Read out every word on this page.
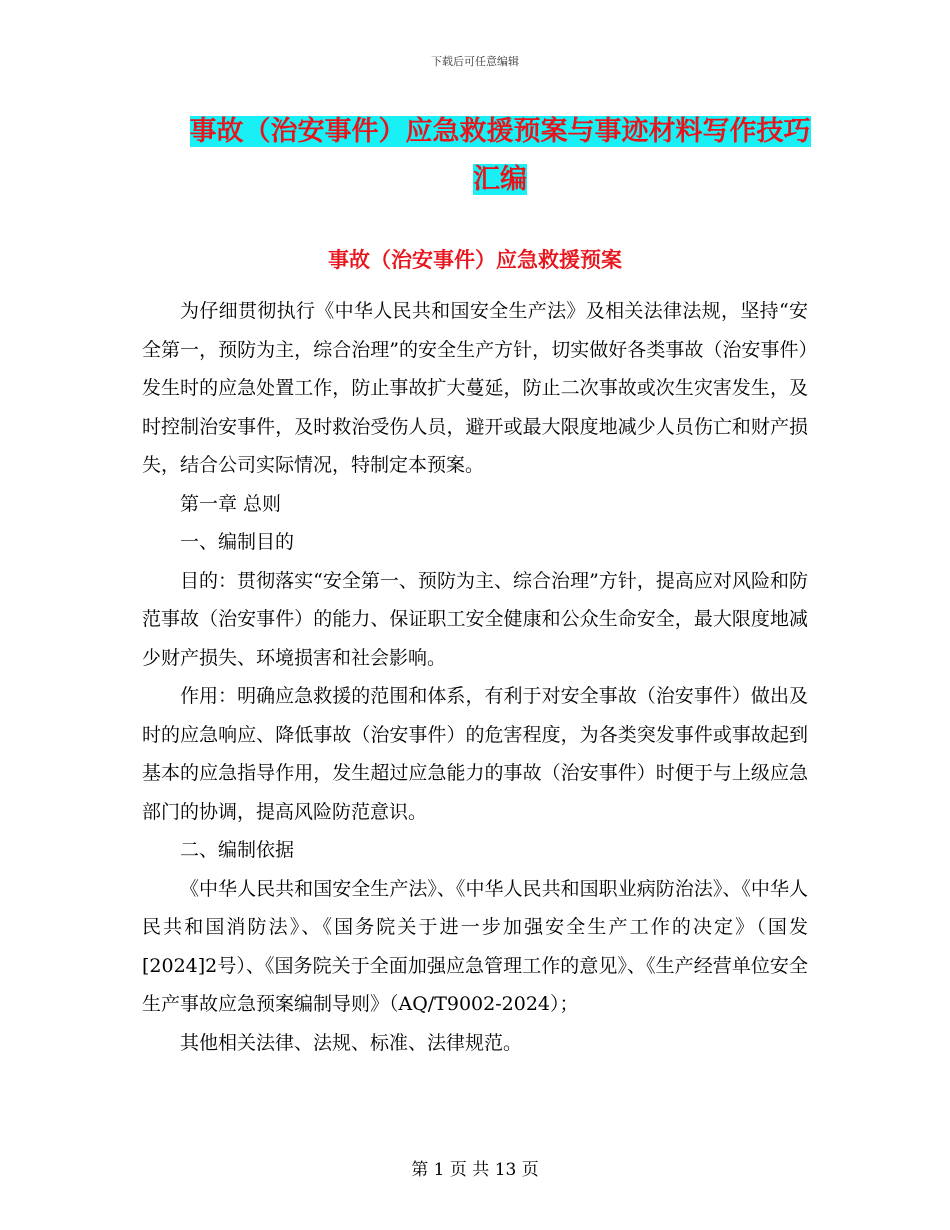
下载后可任意编辑
事故（治安事件）应急救援预案与事迹材料写作技巧
汇编
事故（治安事件）应急救援预案

为仔细贯彻执行《中华人民共和国安全生产法》及相关法律法规，坚持“安全第一，预防为主，综合治理”的安全生产方针，切实做好各类事故（治安事件）发生时的应急处置工作，防止事故扩大蔓延，防止二次事故或次生灾害发生，及时控制治安事件，及时救治受伤人员，避开或最大限度地减少人员伤亡和财产损失，结合公司实际情况，特制定本预案。

第一章 总则

一、编制目的

目的：贯彻落实“安全第一、预防为主、综合治理”方针，提高应对风险和防范事故（治安事件）的能力、保证职工安全健康和公众生命安全，最大限度地减少财产损失、环境损害和社会影响。

作用：明确应急救援的范围和体系，有利于对安全事故（治安事件）做出及时的应急响应、降低事故（治安事件）的危害程度，为各类突发事件或事故起到基本的应急指导作用，发生超过应急能力的事故（治安事件）时便于与上级应急部门的协调，提高风险防范意识。

二、编制依据

《中华人民共和国安全生产法》、《中华人民共和国职业病防治法》、《中华人民共和国消防法》、《国务院关于进一步加强安全生产工作的决定》（国发[2024]2号）、《国务院关于全面加强应急管理工作的意见》、《生产经营单位安全生产事故应急预案编制导则》（AQ/T9002-2024）；

其他相关法律、法规、标准、法律规范。

第 1 页 共 13 页
